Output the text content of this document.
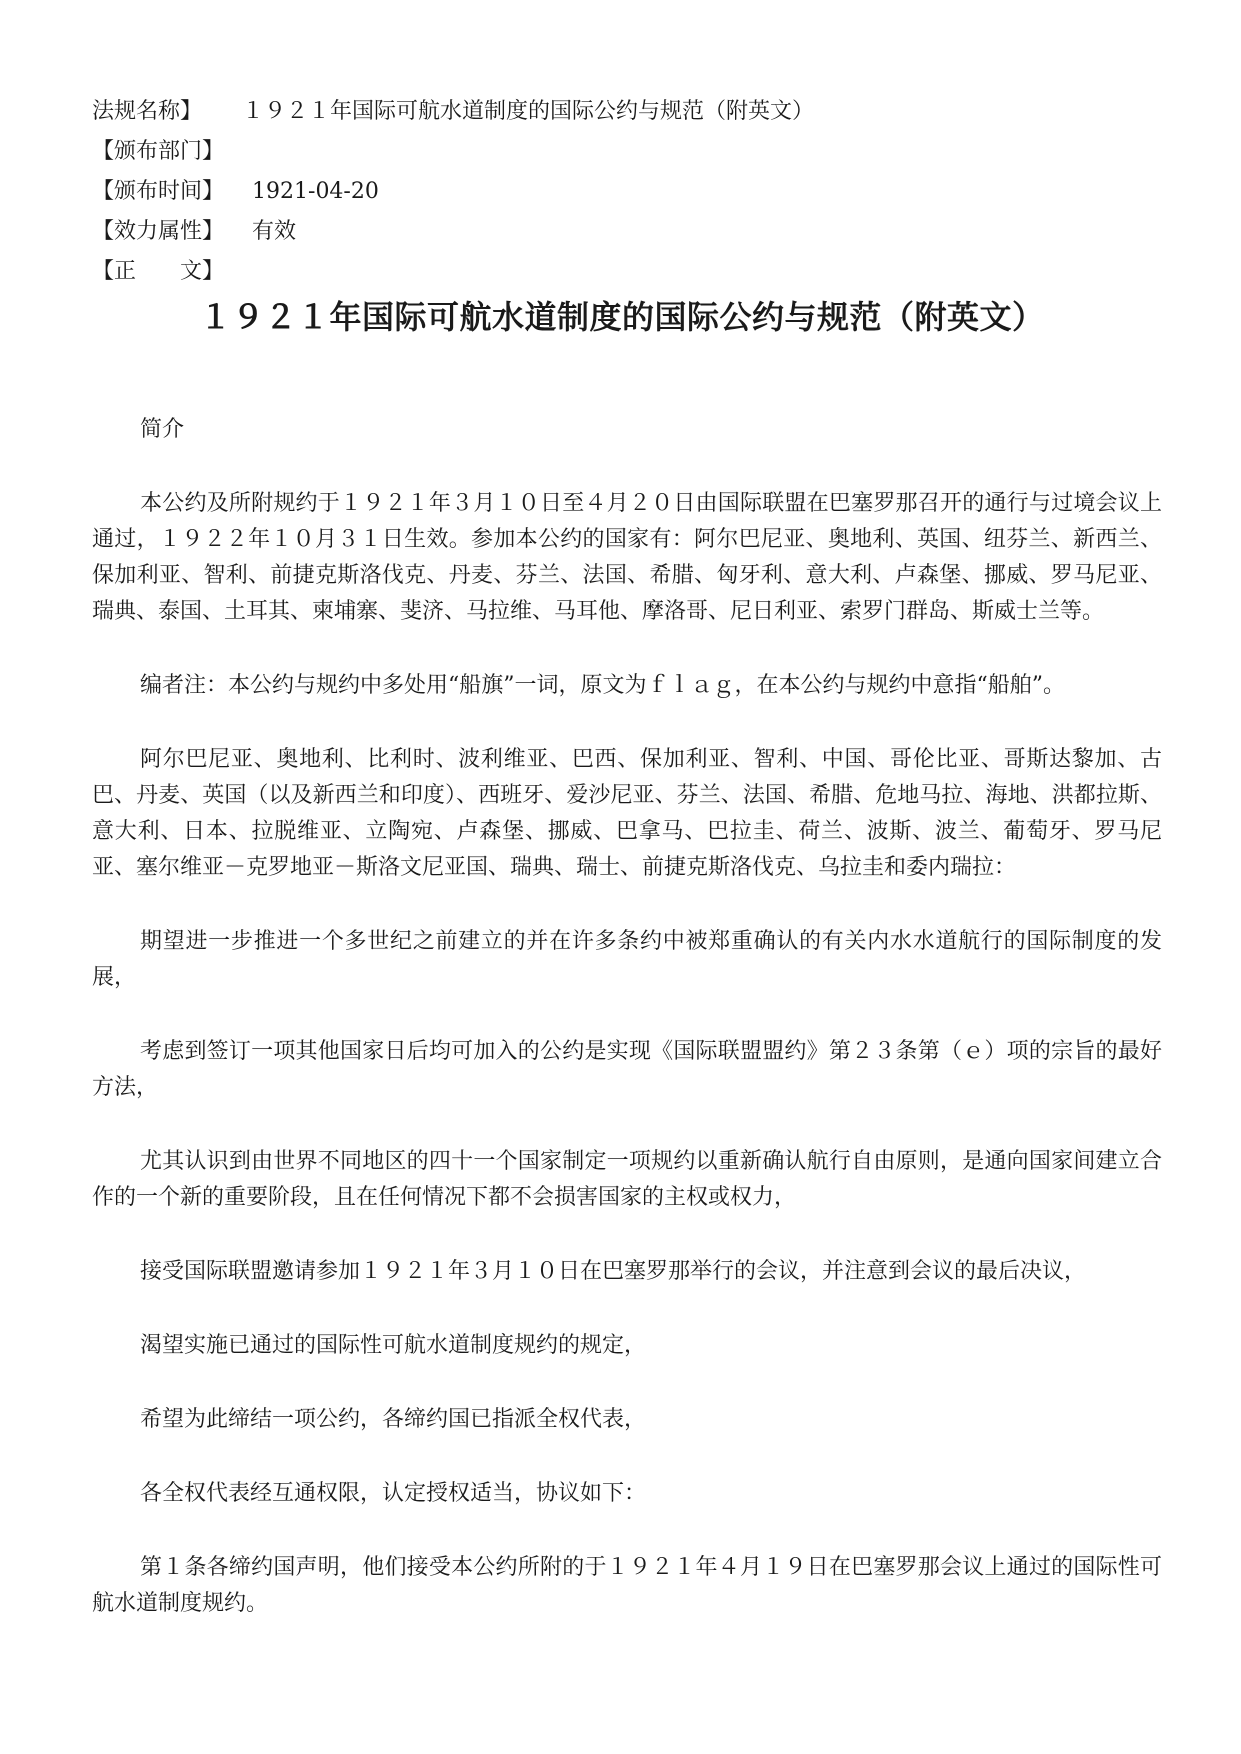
法规名称】 １９２１年国际可航水道制度的国际公约与规范（附英文）
【颁布部门】
【颁布时间】 1921-04-20
【效力属性】 有效
【正　　文】
１９２１年国际可航水道制度的国际公约与规范（附英文）

简介

本公约及所附规约于１９２１年３月１０日至４月２０日由国际联盟在巴塞罗那召开的通行与过境会议上通过，１９２２年１０月３１日生效。参加本公约的国家有：阿尔巴尼亚、奥地利、英国、纽芬兰、新西兰、保加利亚、智利、前捷克斯洛伐克、丹麦、芬兰、法国、希腊、匈牙利、意大利、卢森堡、挪威、罗马尼亚、瑞典、泰国、土耳其、柬埔寨、斐济、马拉维、马耳他、摩洛哥、尼日利亚、索罗门群岛、斯威士兰等。

编者注：本公约与规约中多处用“船旗”一词，原文为ｆｌａｇ，在本公约与规约中意指“船舶”。

阿尔巴尼亚、奥地利、比利时、波利维亚、巴西、保加利亚、智利、中国、哥伦比亚、哥斯达黎加、古巴、丹麦、英国（以及新西兰和印度）、西班牙、爱沙尼亚、芬兰、法国、希腊、危地马拉、海地、洪都拉斯、意大利、日本、拉脱维亚、立陶宛、卢森堡、挪威、巴拿马、巴拉圭、荷兰、波斯、波兰、葡萄牙、罗马尼亚、塞尔维亚－克罗地亚－斯洛文尼亚国、瑞典、瑞士、前捷克斯洛伐克、乌拉圭和委内瑞拉：

期望进一步推进一个多世纪之前建立的并在许多条约中被郑重确认的有关内水水道航行的国际制度的发展，

考虑到签订一项其他国家日后均可加入的公约是实现《国际联盟盟约》第２３条第（ｅ）项的宗旨的最好方法，

尤其认识到由世界不同地区的四十一个国家制定一项规约以重新确认航行自由原则，是通向国家间建立合作的一个新的重要阶段，且在任何情况下都不会损害国家的主权或权力，

接受国际联盟邀请参加１９２１年３月１０日在巴塞罗那举行的会议，并注意到会议的最后决议，

渴望实施已通过的国际性可航水道制度规约的规定，

希望为此缔结一项公约，各缔约国已指派全权代表，

各全权代表经互通权限，认定授权适当，协议如下：

第１条各缔约国声明，他们接受本公约所附的于１９２１年４月１９日在巴塞罗那会议上通过的国际性可航水道制度规约。
